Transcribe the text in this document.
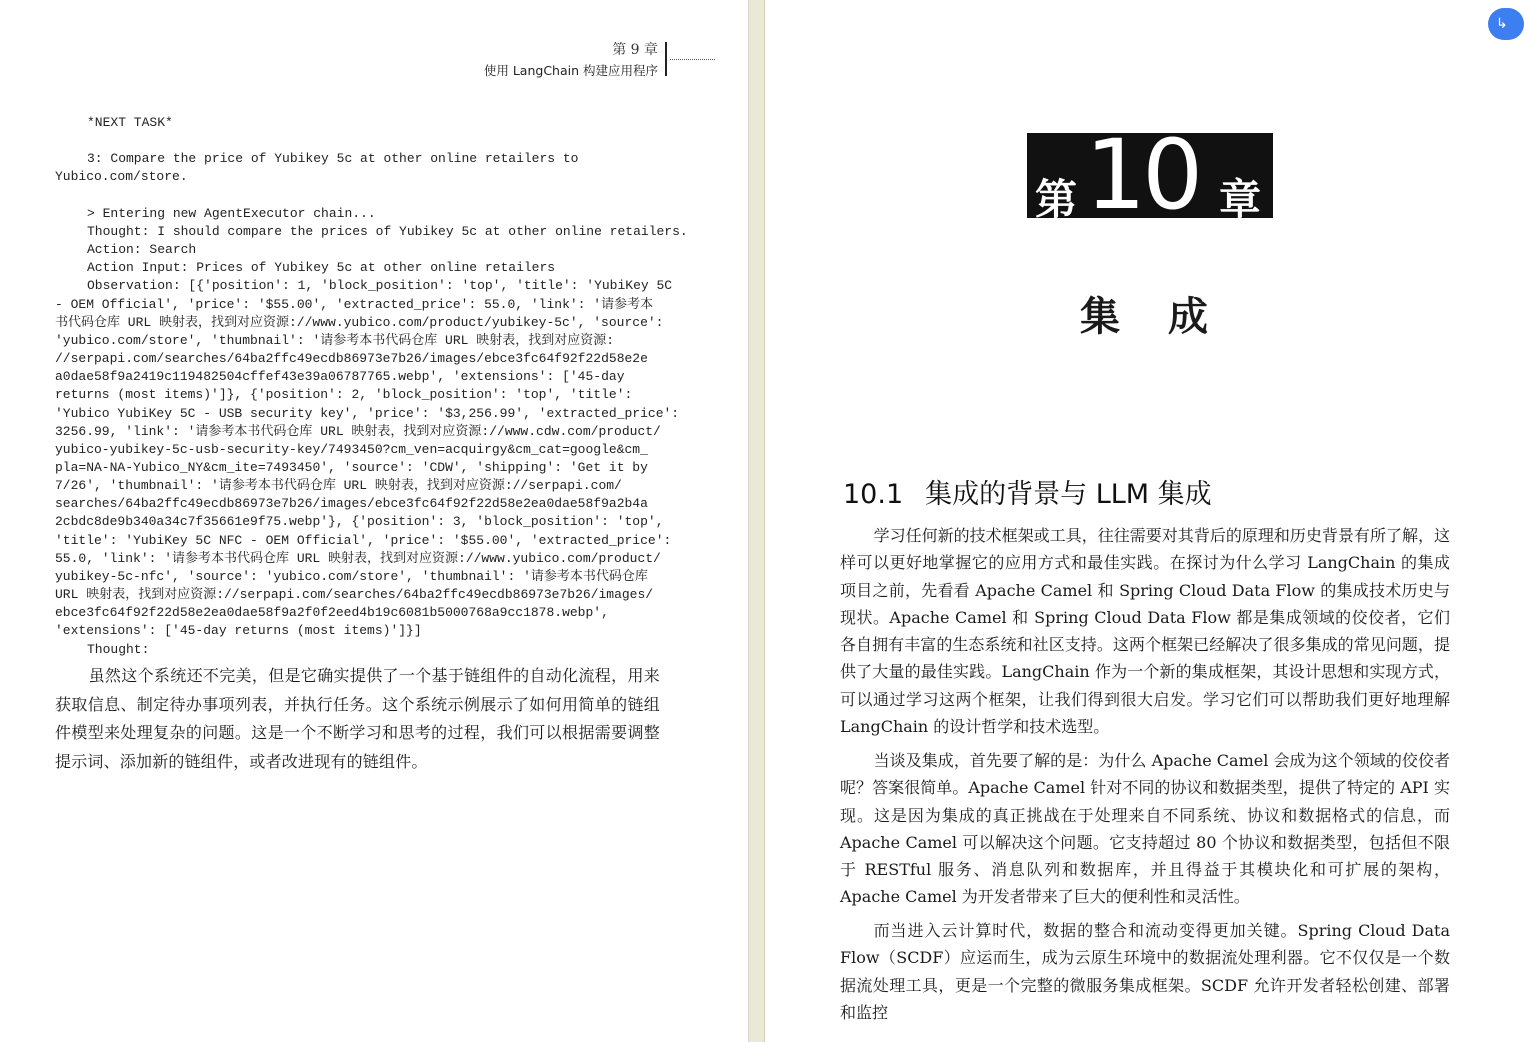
第 9 章
使用 LangChain 构建应用程序
*NEXT TASK*
3: Compare the price of Yubikey 5c at other online retailers to
Yubico.com/store.
> Entering new AgentExecutor chain...
Thought: I should compare the prices of Yubikey 5c at other online retailers.
Action: Search
Action Input: Prices of Yubikey 5c at other online retailers
Observation: [{'position': 1, 'block_position': 'top', 'title': 'YubiKey 5C
- OEM Official', 'price': '$55.00', 'extracted_price': 55.0, 'link': '请参考本
书代码仓库 URL 映射表，找到对应资源://www.yubico.com/product/yubikey-5c', 'source':
'yubico.com/store', 'thumbnail': '请参考本书代码仓库 URL 映射表，找到对应资源:
//serpapi.com/searches/64ba2ffc49ecdb86973e7b26/images/ebce3fc64f92f22d58e2e
a0dae58f9a2419c119482504cffef43e39a06787765.webp', 'extensions': ['45-day
returns (most items)']}, {'position': 2, 'block_position': 'top', 'title':
'Yubico YubiKey 5C - USB security key', 'price': '$3,256.99', 'extracted_price':
3256.99, 'link': '请参考本书代码仓库 URL 映射表，找到对应资源://www.cdw.com/product/
yubico-yubikey-5c-usb-security-key/7493450?cm_ven=acquirgy&cm_cat=google&cm_
pla=NA-NA-Yubico_NY&cm_ite=7493450', 'source': 'CDW', 'shipping': 'Get it by
7/26', 'thumbnail': '请参考本书代码仓库 URL 映射表，找到对应资源://serpapi.com/
searches/64ba2ffc49ecdb86973e7b26/images/ebce3fc64f92f22d58e2ea0dae58f9a2b4a
2cbdc8de9b340a34c7f35661e9f75.webp'}, {'position': 3, 'block_position': 'top',
'title': 'YubiKey 5C NFC - OEM Official', 'price': '$55.00', 'extracted_price':
55.0, 'link': '请参考本书代码仓库 URL 映射表，找到对应资源://www.yubico.com/product/
yubikey-5c-nfc', 'source': 'yubico.com/store', 'thumbnail': '请参考本书代码仓库
URL 映射表，找到对应资源://serpapi.com/searches/64ba2ffc49ecdb86973e7b26/images/
ebce3fc64f92f22d58e2ea0dae58f9a2f0f2eed4b19c6081b5000768a9cc1878.webp',
'extensions': ['45-day returns (most items)']}]
Thought:
虽然这个系统还不完美，但是它确实提供了一个基于链组件的自动化流程，用来获取信息、制定待办事项列表，并执行任务。这个系统示例展示了如何用简单的链组件模型来处理复杂的问题。这是一个不断学习和思考的过程，我们可以根据需要调整提示词、添加新的链组件，或者改进现有的链组件。
第 10 章
集成
10.1 集成的背景与 LLM 集成
学习任何新的技术框架或工具，往往需要对其背后的原理和历史背景有所了解，这样可以更好地掌握它的应用方式和最佳实践。在探讨为什么学习 LangChain 的集成项目之前，先看看 Apache Camel 和 Spring Cloud Data Flow 的集成技术历史与现状。Apache Camel 和 Spring Cloud Data Flow 都是集成领域的佼佼者，它们各自拥有丰富的生态系统和社区支持。这两个框架已经解决了很多集成的常见问题，提供了大量的最佳实践。LangChain 作为一个新的集成框架，其设计思想和实现方式，可以通过学习这两个框架，让我们得到很大启发。学习它们可以帮助我们更好地理解 LangChain 的设计哲学和技术选型。
当谈及集成，首先要了解的是：为什么 Apache Camel 会成为这个领域的佼佼者呢？答案很简单。Apache Camel 针对不同的协议和数据类型，提供了特定的 API 实现。这是因为集成的真正挑战在于处理来自不同系统、协议和数据格式的信息，而 Apache Camel 可以解决这个问题。它支持超过 80 个协议和数据类型，包括但不限于 RESTful 服务、消息队列和数据库，并且得益于其模块化和可扩展的架构，Apache Camel 为开发者带来了巨大的便利性和灵活性。
而当进入云计算时代，数据的整合和流动变得更加关键。Spring Cloud Data Flow（SCDF）应运而生，成为云原生环境中的数据流处理利器。它不仅仅是一个数据流处理工具，更是一个完整的微服务集成框架。SCDF 允许开发者轻松创建、部署和监控
↳
